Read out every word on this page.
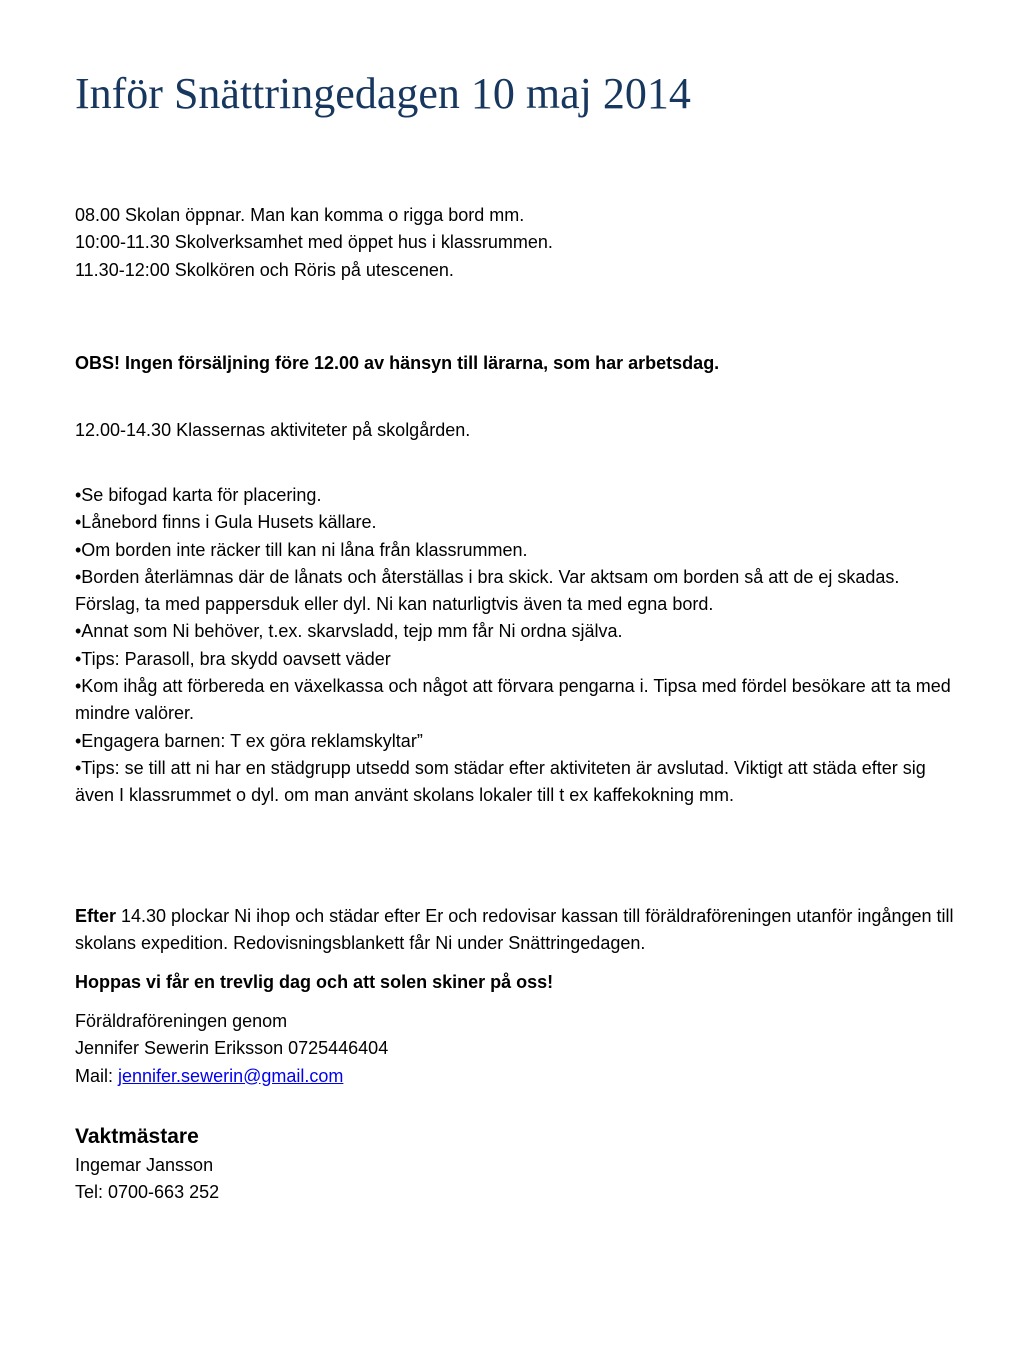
Inför Snättringedagen 10 maj 2014
08.00 Skolan öppnar. Man kan komma o rigga bord mm.
10:00-11.30 Skolverksamhet med öppet hus i klassrummen.
11.30-12:00 Skolkören och Röris på utescenen.
OBS! Ingen försäljning före 12.00 av hänsyn till lärarna, som har arbetsdag.
12.00-14.30 Klassernas aktiviteter på skolgården.
•Se bifogad karta för placering.
•Lånebord finns i Gula Husets källare.
•Om borden inte räcker till kan ni låna från klassrummen.
•Borden återlämnas där de lånats och återställas i bra skick. Var aktsam om borden så att de ej skadas. Förslag, ta med pappersduk eller dyl. Ni kan naturligtvis även ta med egna bord.
•Annat som Ni behöver, t.ex. skarvsladd, tejp mm får Ni ordna själva.
•Tips: Parasoll, bra skydd oavsett väder
•Kom ihåg att förbereda en växelkassa och något att förvara pengarna i. Tipsa med fördel besökare att ta med mindre valörer.
•Engagera barnen: T ex göra reklamskyltar”
•Tips: se till att ni har en städgrupp utsedd som städar efter aktiviteten är avslutad. Viktigt att städa efter sig även I klassrummet o dyl. om man använt skolans lokaler till t ex kaffekokning mm.
Efter 14.30 plockar Ni ihop och städar efter Er och redovisar kassan till föräldraföreningen utanför ingången till skolans expedition. Redovisningsblankett får Ni under Snättringedagen.
Hoppas vi får en trevlig dag och att solen skiner på oss!
Föräldraföreningen genom
Jennifer Sewerin Eriksson 0725446404
Mail: jennifer.sewerin@gmail.com
Vaktmästare
Ingemar Jansson
Tel: 0700-663 252
